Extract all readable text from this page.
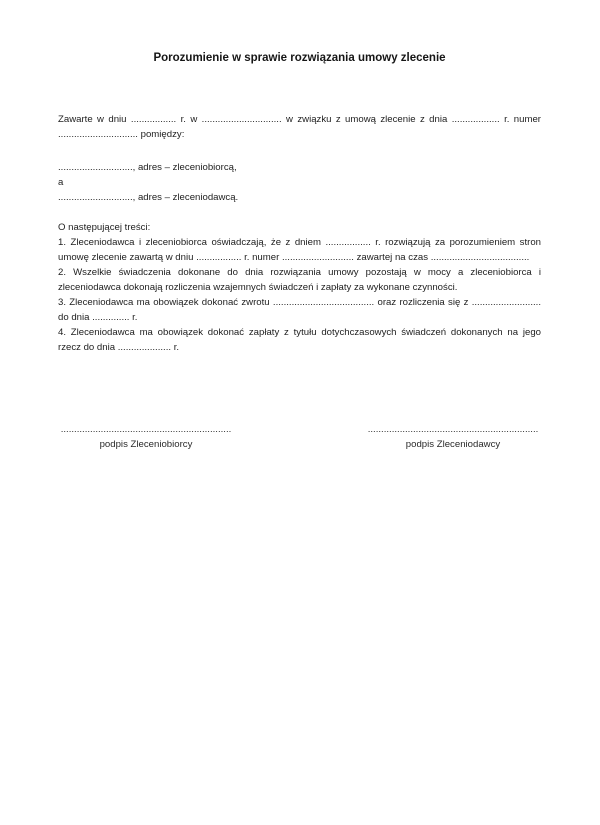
Porozumienie w sprawie rozwiązania umowy zlecenie

Zawarte w dniu ................. r. w .............................. w związku z umową zlecenie z dnia .................. r. numer .............................. pomiędzy:

............................, adres – zleceniobiorcą,

a

............................, adres – zleceniodawcą.

O następującej treści:

1. Zleceniodawca i zleceniobiorca oświadczają, że z dniem ................. r. rozwiązują za porozumieniem stron umowę zlecenie zawartą w dniu ................. r. numer ........................... zawartej na czas .....................................

2. Wszelkie świadczenia dokonane do dnia rozwiązania umowy pozostają w mocy a zleceniobiorca i zleceniodawca dokonają rozliczenia wzajemnych świadczeń i zapłaty za wykonane czynności.

3. Zleceniodawca ma obowiązek dokonać zwrotu ...................................... oraz rozliczenia się z .......................... do dnia .............. r.

4. Zleceniodawca ma obowiązek dokonać zapłaty z tytułu dotychczasowych świadczeń dokonanych na jego rzecz do dnia .................... r.

................................................................
podpis Zleceniobiorcy
................................................................
podpis Zleceniodawcy
